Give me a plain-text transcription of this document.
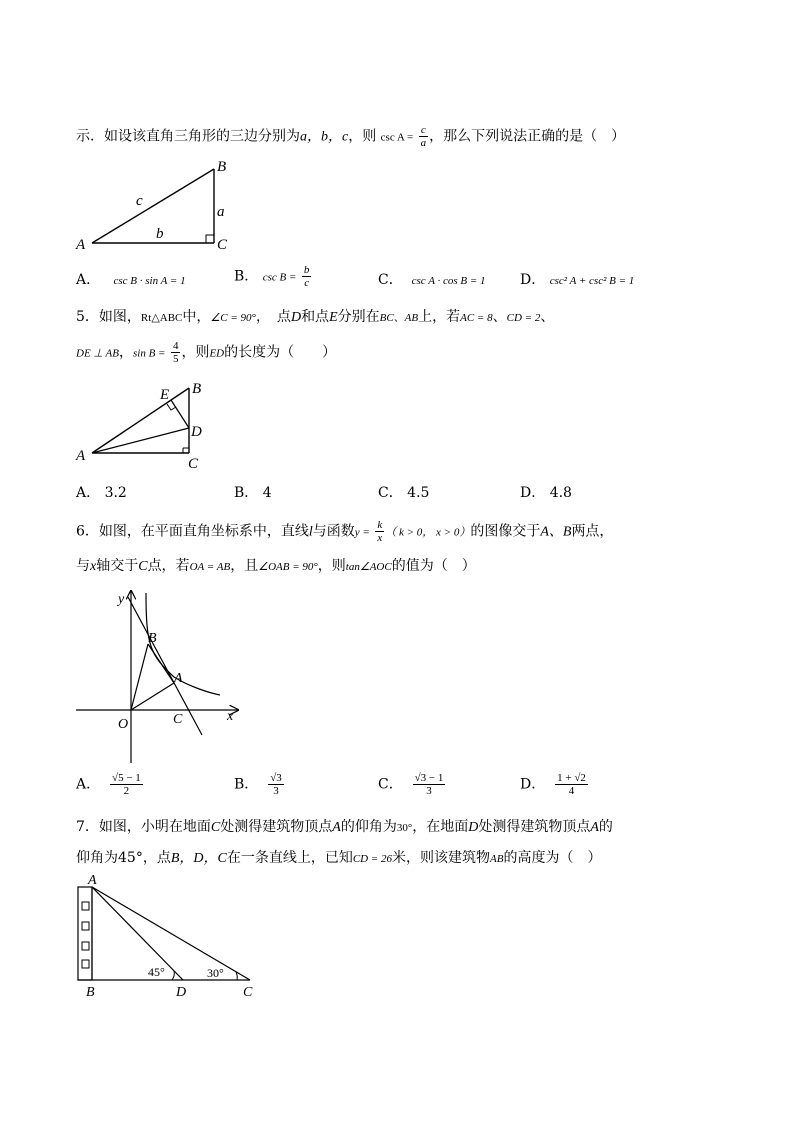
示．如设该直角三角形的三边分别为a，b，c，则 $\csc A = \frac{c}{a}$ ，那么下列说法正确的是（　）
A
B
C
a
b
c
A． csc B · sin A = 1	B． $\csc B = \frac{b}{c}$	C． csc A · cos B = 1 D． csc² A + csc² B = 1
5．如图，Rt△ABC中，∠C = 90°，　点D和点E分别在BC、AB上，若AC = 8、CD = 2、
DE ⊥ AB，$\sin B = \frac{4}{5}$ ，则ED的长度为（　　）
A
B
C
D
E
A． 3.2	B． 4	C． 4.5	D． 4.8
6．如图，在平面直角坐标系中，直线l与函数$y = \frac{k}{x}$ （ k > 0， x > 0）的图像交于A、B两点，
与x轴交于C点，若OA = AB，且∠OAB = 90°，则tan∠AOC的值为（　）
y
x
O
A
B
C
A． $\frac{√5 - 1}{2}$	B． $\frac{√3}{3}$	C． $\frac{√3 - 1}{3}$	D． $\frac{1 + √2}{4}$
7．如图，小明在地面C处测得建筑物顶点A的仰角为30°，在地面D处测得建筑物顶点A的
仰角为45°，点B，D，C在一条直线上，已知CD = 26米，则该建筑物AB的高度为（　）
A
B	D	C
45°	30°
